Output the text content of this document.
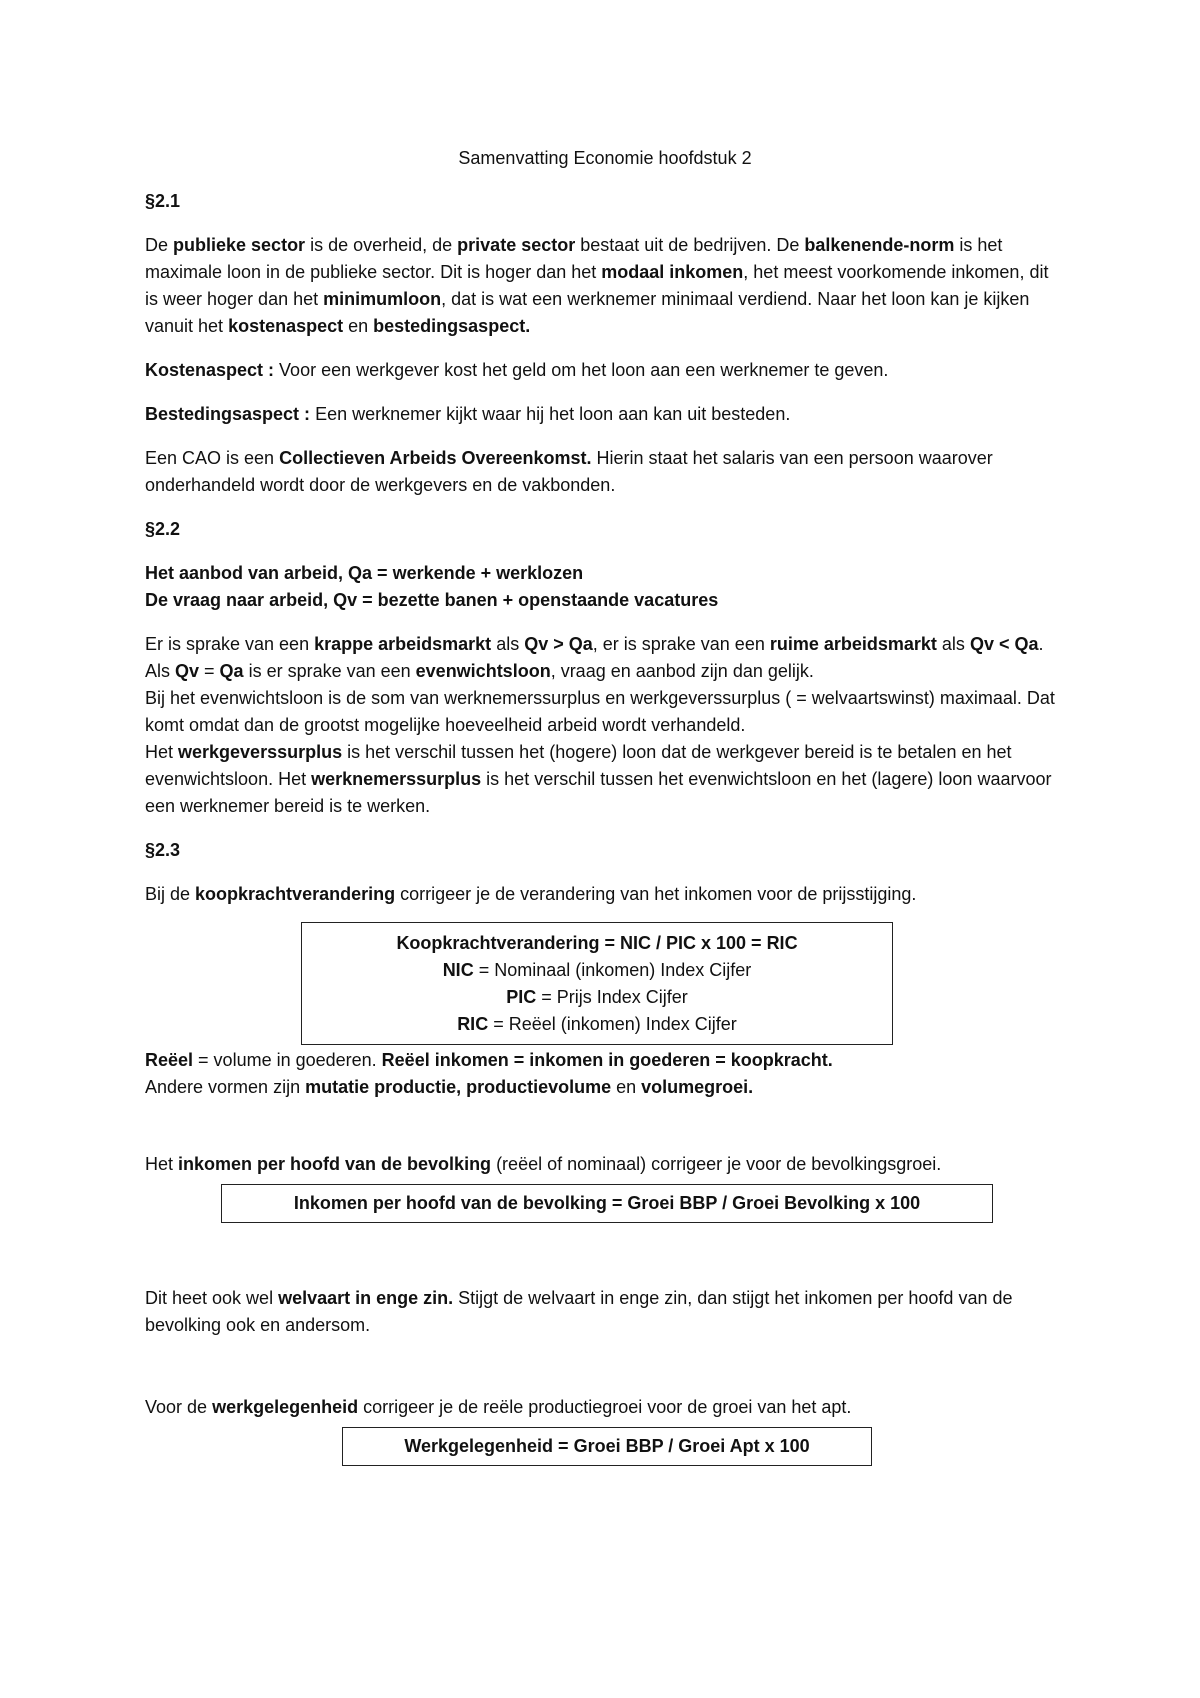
Samenvatting Economie hoofdstuk 2
§2.1

De publieke sector is de overheid, de private sector bestaat uit de bedrijven. De balkenende-norm is het maximale loon in de publieke sector. Dit is hoger dan het modaal inkomen, het meest voorkomende inkomen, dit is weer hoger dan het minimumloon, dat is wat een werknemer minimaal verdiend. Naar het loon kan je kijken vanuit het kostenaspect en bestedingsaspect.

Kostenaspect : Voor een werkgever kost het geld om het loon aan een werknemer te geven.

Bestedingsaspect : Een werknemer kijkt waar hij het loon aan kan uit besteden.

Een CAO is een Collectieven Arbeids Overeenkomst. Hierin staat het salaris van een persoon waarover onderhandeld wordt door de werkgevers en de vakbonden.

§2.2

Het aanbod van arbeid, Qa = werkende + werklozen
De vraag naar arbeid, Qv = bezette banen + openstaande vacatures

Er is sprake van een krappe arbeidsmarkt als Qv > Qa, er is sprake van een ruime arbeidsmarkt als Qv < Qa. Als Qv = Qa is er sprake van een evenwichtsloon, vraag en aanbod zijn dan gelijk.
Bij het evenwichtsloon is de som van werknemerssurplus en werkgeverssurplus ( = welvaartswinst) maximaal. Dat komt omdat dan de grootst mogelijke hoeveelheid arbeid wordt verhandeld.
Het werkgeverssurplus is het verschil tussen het (hogere) loon dat de werkgever bereid is te betalen en het evenwichtsloon. Het werknemerssurplus is het verschil tussen het evenwichtsloon en het (lagere) loon waarvoor een werknemer bereid is te werken.

§2.3

Bij de koopkrachtverandering corrigeer je de verandering van het inkomen voor de prijsstijging.

Koopkrachtverandering = NIC / PIC x 100 = RIC
NIC = Nominaal (inkomen) Index Cijfer
PIC = Prijs Index Cijfer
RIC = Reëel (inkomen) Index Cijfer
Reëel = volume in goederen. Reëel inkomen = inkomen in goederen = koopkracht.
Andere vormen zijn mutatie productie, productievolume en volumegroei.

Het inkomen per hoofd van de bevolking (reëel of nominaal) corrigeer je voor de bevolkingsgroei.

Inkomen per hoofd van de bevolking = Groei BBP / Groei Bevolking x 100

Dit heet ook wel welvaart in enge zin. Stijgt de welvaart in enge zin, dan stijgt het inkomen per hoofd van de bevolking ook en andersom.

Voor de werkgelegenheid corrigeer je de reële productiegroei voor de groei van het apt.

Werkgelegenheid = Groei BBP / Groei Apt x 100
